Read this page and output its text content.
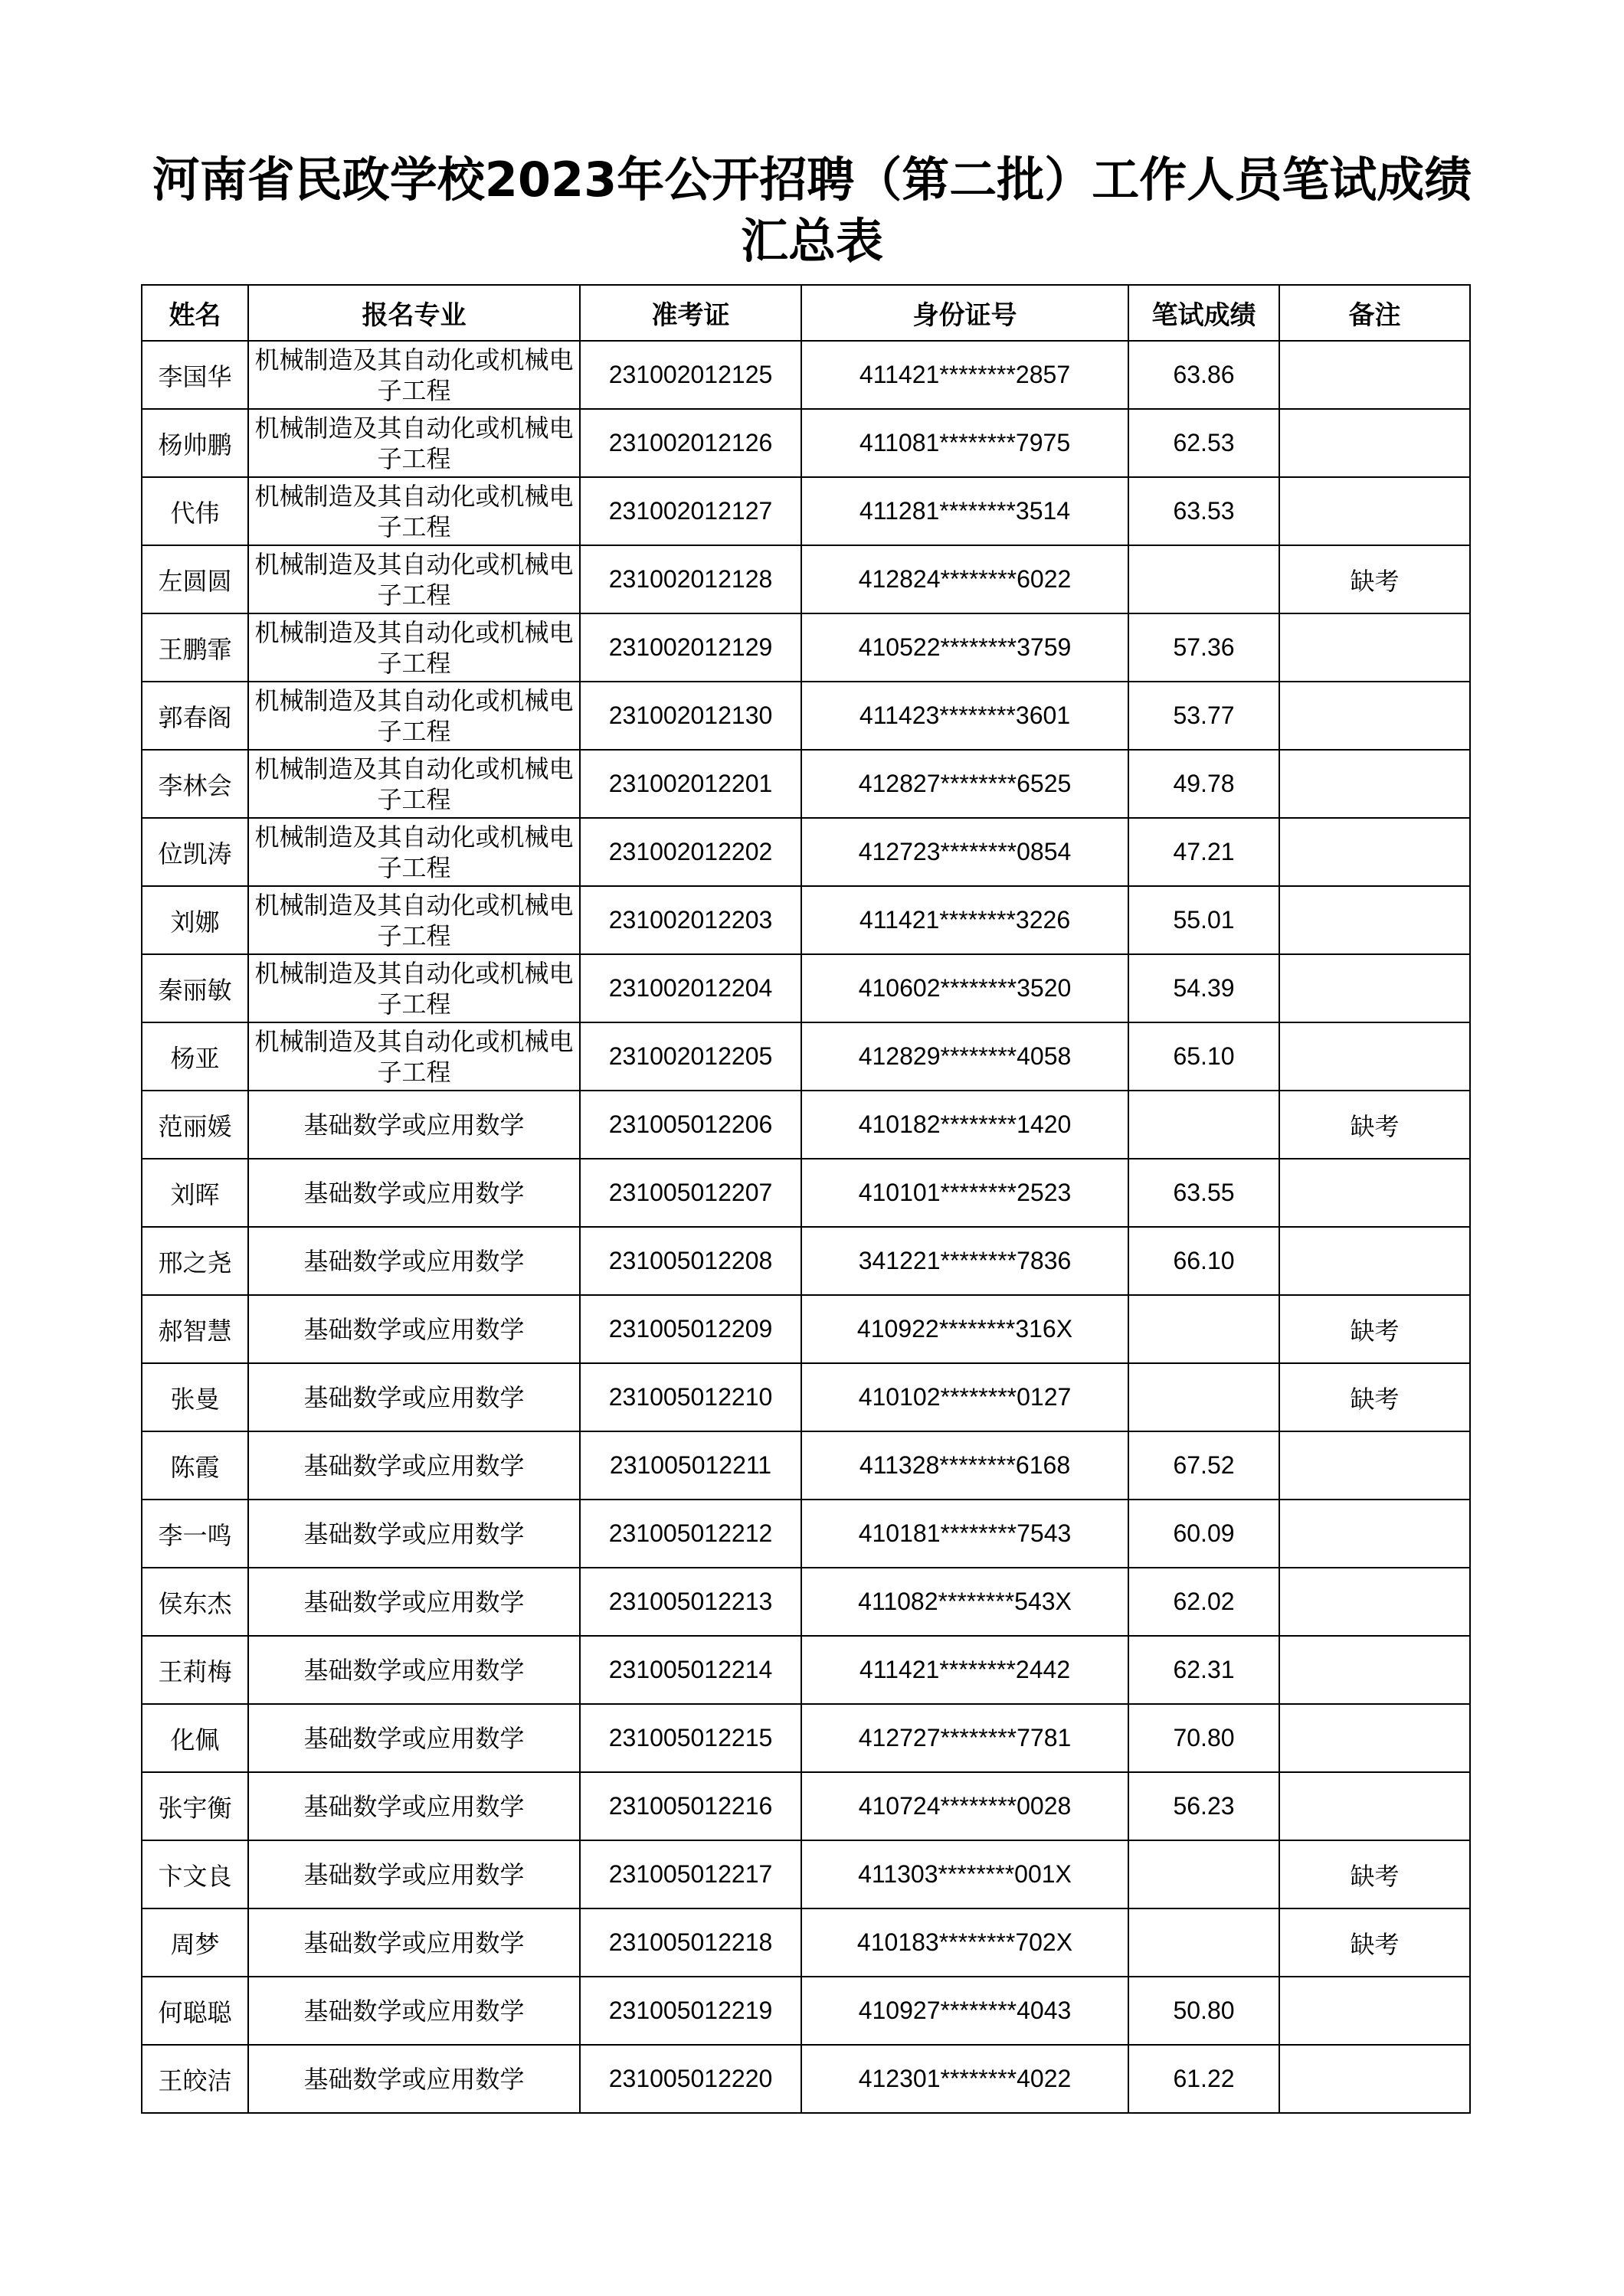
河南省民政学校2023年公开招聘（第二批）工作人员笔试成绩
汇总表
姓名	报名专业	准考证	身份证号	笔试成绩	备注
李国华	机械制造及其自动化或机械电子工程	231002012125	411421********2857	63.86	
杨帅鹏	机械制造及其自动化或机械电子工程	231002012126	411081********7975	62.53	
代伟	机械制造及其自动化或机械电子工程	231002012127	411281********3514	63.53	
左圆圆	机械制造及其自动化或机械电子工程	231002012128	412824********6022		缺考
王鹏霏	机械制造及其自动化或机械电子工程	231002012129	410522********3759	57.36	
郭春阁	机械制造及其自动化或机械电子工程	231002012130	411423********3601	53.77	
李林会	机械制造及其自动化或机械电子工程	231002012201	412827********6525	49.78	
位凯涛	机械制造及其自动化或机械电子工程	231002012202	412723********0854	47.21	
刘娜	机械制造及其自动化或机械电子工程	231002012203	411421********3226	55.01	
秦丽敏	机械制造及其自动化或机械电子工程	231002012204	410602********3520	54.39	
杨亚	机械制造及其自动化或机械电子工程	231002012205	412829********4058	65.10	
范丽媛	基础数学或应用数学	231005012206	410182********1420		缺考
刘晖	基础数学或应用数学	231005012207	410101********2523	63.55	
邢之尧	基础数学或应用数学	231005012208	341221********7836	66.10	
郝智慧	基础数学或应用数学	231005012209	410922********316X		缺考
张曼	基础数学或应用数学	231005012210	410102********0127		缺考
陈霞	基础数学或应用数学	231005012211	411328********6168	67.52	
李一鸣	基础数学或应用数学	231005012212	410181********7543	60.09	
侯东杰	基础数学或应用数学	231005012213	411082********543X	62.02	
王莉梅	基础数学或应用数学	231005012214	411421********2442	62.31	
化佩	基础数学或应用数学	231005012215	412727********7781	70.80	
张宇衡	基础数学或应用数学	231005012216	410724********0028	56.23	
卞文良	基础数学或应用数学	231005012217	411303********001X		缺考
周梦	基础数学或应用数学	231005012218	410183********702X		缺考
何聪聪	基础数学或应用数学	231005012219	410927********4043	50.80	
王皎洁	基础数学或应用数学	231005012220	412301********4022	61.22	
